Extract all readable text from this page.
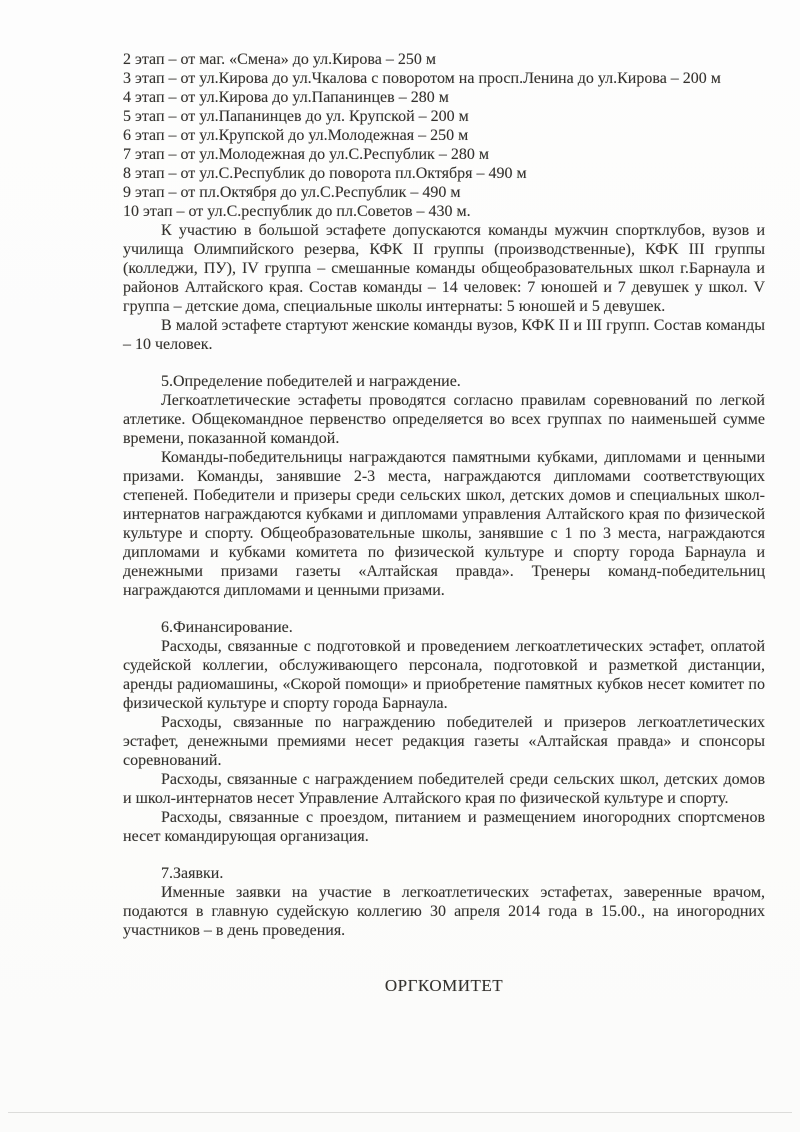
2 этап – от маг. «Смена» до ул.Кирова – 250 м
3 этап – от ул.Кирова до ул.Чкалова с поворотом на просп.Ленина до ул.Кирова – 200 м
4 этап – от ул.Кирова до ул.Папанинцев – 280 м
5 этап – от ул.Папанинцев до ул. Крупской – 200 м
6 этап – от ул.Крупской до ул.Молодежная – 250 м
7 этап – от ул.Молодежная до ул.С.Республик – 280 м
8 этап – от ул.С.Республик до поворота пл.Октября – 490 м
9 этап – от пл.Октября до ул.С.Республик – 490 м
10 этап – от ул.С.республик до пл.Советов – 430 м.

К участию в большой эстафете допускаются команды мужчин спортклубов, вузов и училища Олимпийского резерва, КФК II группы (производственные), КФК III группы (колледжи, ПУ), IV группа – смешанные команды общеобразовательных школ г.Барнаула и районов Алтайского края. Состав команды – 14 человек: 7 юношей и 7 девушек у школ. V группа – детские дома, специальные школы интернаты: 5 юношей и 5 девушек.

В малой эстафете стартуют женские команды вузов, КФК II и III групп. Состав команды – 10 человек.

5.Определение победителей и награждение.

Легкоатлетические эстафеты проводятся согласно правилам соревнований по легкой атлетике. Общекомандное первенство определяется во всех группах по наименьшей сумме времени, показанной командой.

Команды-победительницы награждаются памятными кубками, дипломами и ценными призами. Команды, занявшие 2-3 места, награждаются дипломами соответствующих степеней. Победители и призеры среди сельских школ, детских домов и специальных школ-интернатов награждаются кубками и дипломами управления Алтайского края по физической культуре и спорту. Общеобразовательные школы, занявшие с 1 по 3 места, награждаются дипломами и кубками комитета по физической культуре и спорту города Барнаула и денежными призами газеты «Алтайская правда». Тренеры команд-победительниц награждаются дипломами и ценными призами.

6.Финансирование.

Расходы, связанные с подготовкой и проведением легкоатлетических эстафет, оплатой судейской коллегии, обслуживающего персонала, подготовкой и разметкой дистанции, аренды радиомашины, «Скорой помощи» и приобретение памятных кубков несет комитет по физической культуре и спорту города Барнаула.

Расходы, связанные по награждению победителей и призеров легкоатлетических эстафет, денежными премиями несет редакция газеты «Алтайская правда» и спонсоры соревнований.

Расходы, связанные с награждением победителей среди сельских школ, детских домов и школ-интернатов несет Управление Алтайского края по физической культуре и спорту.

Расходы, связанные с проездом, питанием и размещением иногородних спортсменов несет командирующая организация.

7.Заявки.

Именные заявки на участие в легкоатлетических эстафетах, заверенные врачом, подаются в главную судейскую коллегию 30 апреля 2014 года в 15.00., на иногородних участников – в день проведения.

ОРГКОМИТЕТ
